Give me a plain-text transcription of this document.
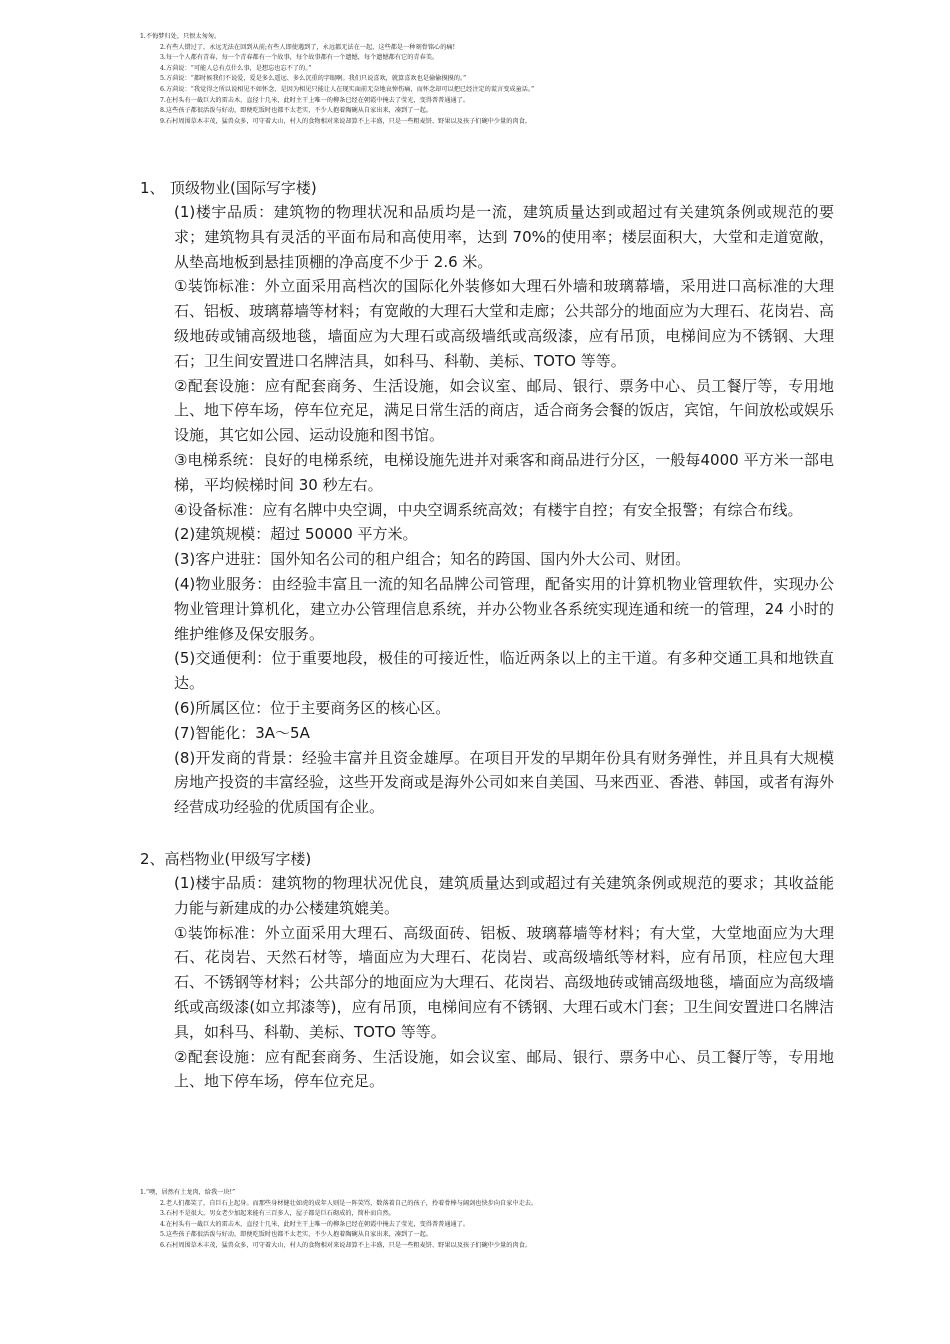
1.不悔梦归处，只恨太匆匆。
2.有些人错过了，永远无法在回到从前;有些人即使遇到了，永远都无法在一起，这些都是一种刻骨铭心的痛!
3.每一个人都有青春，每一个青春都有一个故事，每个故事都有一个遗憾，每个遗憾都有它的青春美。
4.方茴说：“可能人总有点什么事，是想忘也忘不了的。”
5.方茴说：“都时候我们不说爱，爱是多么遥远、多么沉重的字眼啊。我们只说喜欢，就算喜欢也是偷偷摸摸的。”
6.方茴说：“我觉得之所以说相见不如怀念，是因为相见只能让人在现实面前无奈地哀悼伤痛，而怀念却可以把已经注定的谎言变成童话。”
7.在村头有一截巨大的雷击木，直径十几米，此时主干上唯一的柳条已经在朝霞中掩去了莹光，变得普普通通了。
8.这些孩子都很活泼与好动，即便吃饭时也都不太老实，不少人抱着陶碗从自家出来，凑到了一起。
9.石村周围草木丰茂，猛兽众多，可守着大山，村人的食物相对来说却算不上丰盛，只是一些粗麦饼、野果以及孩子们碗中少量的肉食。

1、 顶级物业(国际写字楼)

(1)楼宇品质：建筑物的物理状况和品质均是一流，建筑质量达到或超过有关建筑条例或规范的要求；建筑物具有灵活的平面布局和高使用率，达到 70%的使用率；楼层面积大，大堂和走道宽敞，从垫高地板到悬挂顶棚的净高度不少于 2.6 米。

①装饰标准：外立面采用高档次的国际化外装修如大理石外墙和玻璃幕墙，采用进口高标准的大理石、铝板、玻璃幕墙等材料；有宽敞的大理石大堂和走廊；公共部分的地面应为大理石、花岗岩、高级地砖或铺高级地毯，墙面应为大理石或高级墙纸或高级漆，应有吊顶，电梯间应为不锈钢、大理石；卫生间安置进口名牌洁具，如科马、科勒、美标、TOTO 等等。

②配套设施：应有配套商务、生活设施，如会议室、邮局、银行、票务中心、员工餐厅等，专用地上、地下停车场，停车位充足，满足日常生活的商店，适合商务会餐的饭店，宾馆，午间放松或娱乐设施，其它如公园、运动设施和图书馆。

③电梯系统：良好的电梯系统，电梯设施先进并对乘客和商品进行分区，一般每4000 平方米一部电梯，平均候梯时间 30 秒左右。

④设备标准：应有名牌中央空调，中央空调系统高效；有楼宇自控；有安全报警；有综合布线。

(2)建筑规模：超过 50000 平方米。

(3)客户进驻：国外知名公司的租户组合；知名的跨国、国内外大公司、财团。

(4)物业服务：由经验丰富且一流的知名品牌公司管理，配备实用的计算机物业管理软件，实现办公物业管理计算机化，建立办公管理信息系统，并办公物业各系统实现连通和统一的管理，24 小时的维护维修及保安服务。

(5)交通便利：位于重要地段，极佳的可接近性，临近两条以上的主干道。有多种交通工具和地铁直达。

(6)所属区位：位于主要商务区的核心区。

(7)智能化：3A～5A

(8)开发商的背景：经验丰富并且资金雄厚。在项目开发的早期年份具有财务弹性，并且具有大规模房地产投资的丰富经验，这些开发商或是海外公司如来自美国、马来西亚、香港、韩国，或者有海外经营成功经验的优质国有企业。

2、高档物业(甲级写字楼)

(1)楼宇品质：建筑物的物理状况优良，建筑质量达到或超过有关建筑条例或规范的要求；其收益能力能与新建成的办公楼建筑媲美。

①装饰标准：外立面采用大理石、高级面砖、铝板、玻璃幕墙等材料；有大堂，大堂地面应为大理石、花岗岩、天然石材等，墙面应为大理石、花岗岩、或高级墙纸等材料，应有吊顶，柱应包大理石、不锈钢等材料；公共部分的地面应为大理石、花岗岩、高级地砖或铺高级地毯，墙面应为高级墙纸或高级漆(如立邦漆等)，应有吊顶，电梯间应有不锈钢、大理石或木门套；卫生间安置进口名牌洁具，如科马、科勒、美标、TOTO 等等。

②配套设施：应有配套商务、生活设施，如会议室、邮局、银行、票务中心、员工餐厅等，专用地上、地下停车场，停车位充足。

1.“噢，居然有土龙肉，给我一块!”
2.老人们都笑了，自巨石上起身。而那些身材健壮如虎的成年人则是一阵笑骂，数落着自己的孩子，拎着骨棒与阔剑也快步向自家中走去。
3.石村不是很大，男女老少加起来能有三百多人，屋子都是巨石砌成的，简朴而自然。
4.在村头有一截巨大的雷击木，直径十几米，此时主干上唯一的柳条已经在朝霞中掩去了莹光，变得普普通通了。
5.这些孩子都很活泼与好动，即便吃饭时也都不太老实，不少人抱着陶碗从自家出来，凑到了一起。
6.石村周围草木丰茂，猛兽众多，可守着大山，村人的食物相对来说却算不上丰盛，只是一些粗麦饼、野果以及孩子们碗中少量的肉食。
